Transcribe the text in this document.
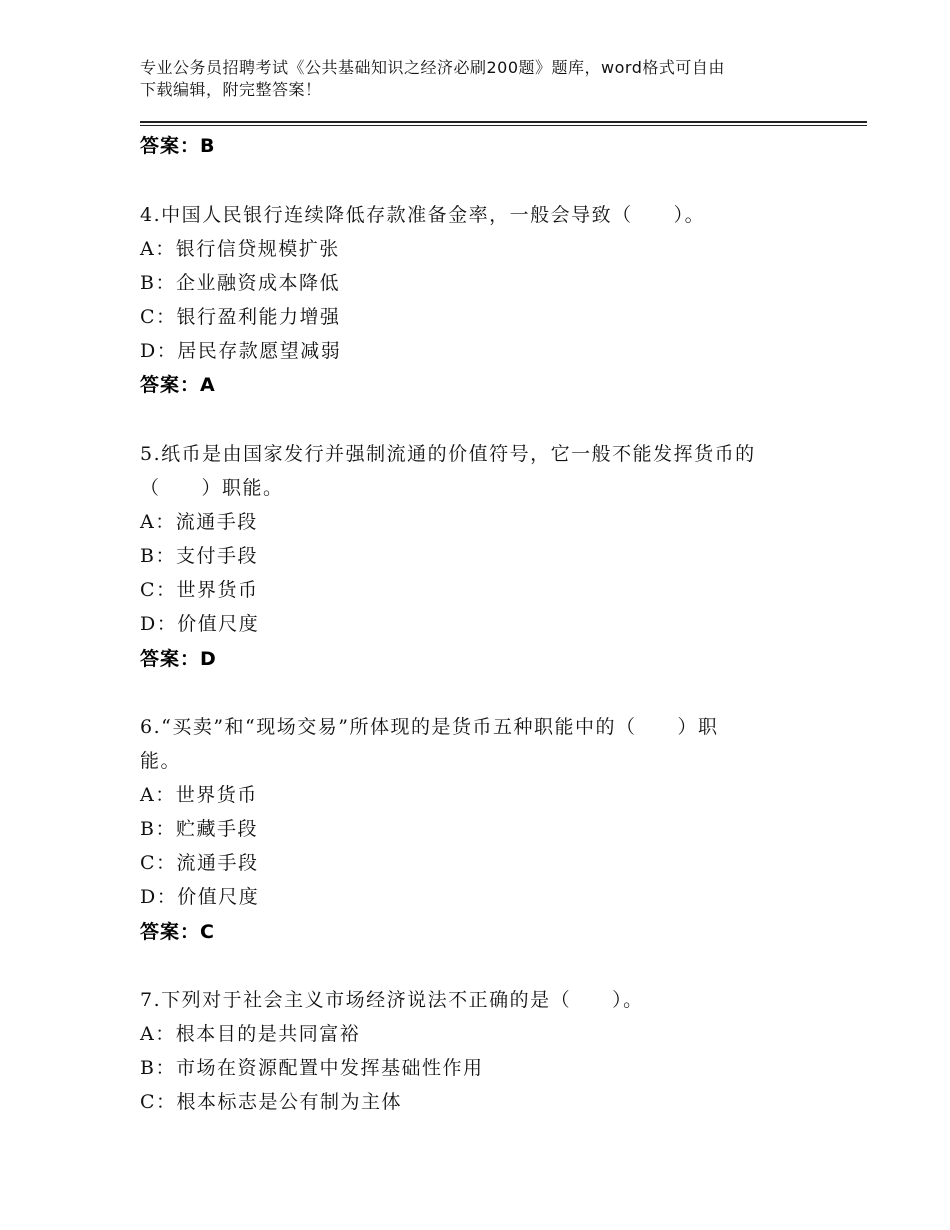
专业公务员招聘考试《公共基础知识之经济必刷200题》题库，word格式可自由
下载编辑，附完整答案！
答案：B
4.中国人民银行连续降低存款准备金率，一般会导致（　　）。
A：银行信贷规模扩张
B：企业融资成本降低
C：银行盈利能力增强
D：居民存款愿望减弱
答案：A
5.纸币是由国家发行并强制流通的价值符号，它一般不能发挥货币的
（　　）职能。
A：流通手段
B：支付手段
C：世界货币
D：价值尺度
答案：D
6.“买卖”和“现场交易”所体现的是货币五种职能中的（　　）职
能。
A：世界货币
B：贮藏手段
C：流通手段
D：价值尺度
答案：C
7.下列对于社会主义市场经济说法不正确的是（　　）。
A：根本目的是共同富裕
B：市场在资源配置中发挥基础性作用
C：根本标志是公有制为主体
